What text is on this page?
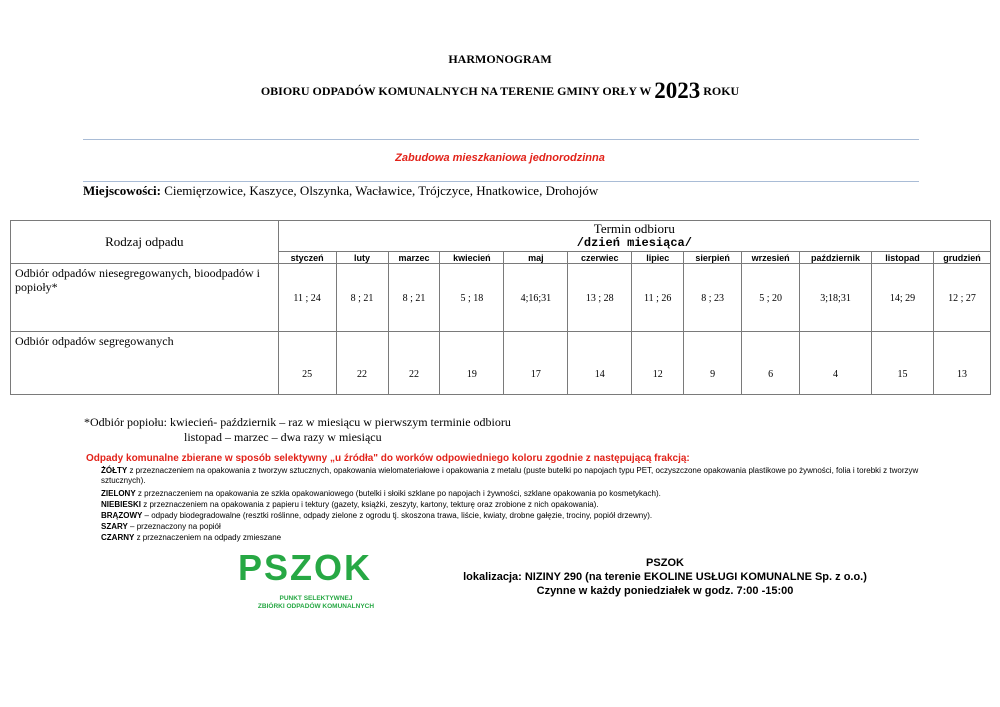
HARMONOGRAM
OBIORU ODPADÓW KOMUNALNYCH NA TERENIE GMINY ORŁY W 2023 ROKU
Zabudowa mieszkaniowa jednorodzinna
Miejscowości: Ciemięrzowice, Kaszyce, Olszynka, Wacławice, Trójczyce, Hnatkowice, Drohojów
Rodzaj odpadu	Termin odbioru
/dzień miesiąca/											

	styczeń	luty	marzec	kwiecień	maj	czerwiec	lipiec	sierpień	wrzesień	październik	listopad	grudzień
Odbiór odpadów niesegregowanych, bioodpadów i popioły*	11 ; 24	8 ; 21	8 ; 21	5 ; 18	4;16;31	13 ; 28	11 ; 26	8 ; 23	5 ; 20	3;18;31	14; 29	12 ; 27
Odbiór odpadów segregowanych	25	22	22	19	17	14	12	9	6	4	15	13
*Odbiór popiołu: kwiecień- październik – raz w miesiącu w pierwszym terminie odbioru
listopad – marzec – dwa razy w miesiącu
Odpady komunalne zbierane w sposób selektywny „u źródła" do worków odpowiedniego koloru zgodnie z następującą frakcją:
ŻÓŁTY z przeznaczeniem na opakowania z tworzyw sztucznych, opakowania wielomateriałowe i opakowania z metalu (puste butelki po napojach typu PET, oczyszczone opakowania plastikowe po żywności, folia i torebki z tworzyw sztucznych).
ZIELONY z przeznaczeniem na opakowania ze szkła opakowaniowego (butelki i słoiki szklane po napojach i żywności, szklane opakowania po kosmetykach).
NIEBIESKI z przeznaczeniem na opakowania z papieru i tektury (gazety, książki, zeszyty, kartony, tekturę oraz zrobione z nich opakowania).
BRĄZOWY – odpady biodegradowalne (resztki roślinne, odpady zielone z ogrodu tj. skoszona trawa, liście, kwiaty, drobne gałęzie, trociny, popiół drzewny).
SZARY – przeznaczony na popiół
CZARNY z przeznaczeniem na odpady zmieszane
PSZOK
PUNKT SELEKTYWNEJ
ZBIÓRKI ODPADÓW KOMUNALNYCH
PSZOK
lokalizacja: NIZINY 290 (na terenie EKOLINE USŁUGI KOMUNALNE Sp. z o.o.)
Czynne w każdy poniedziałek w godz. 7:00 -15:00
